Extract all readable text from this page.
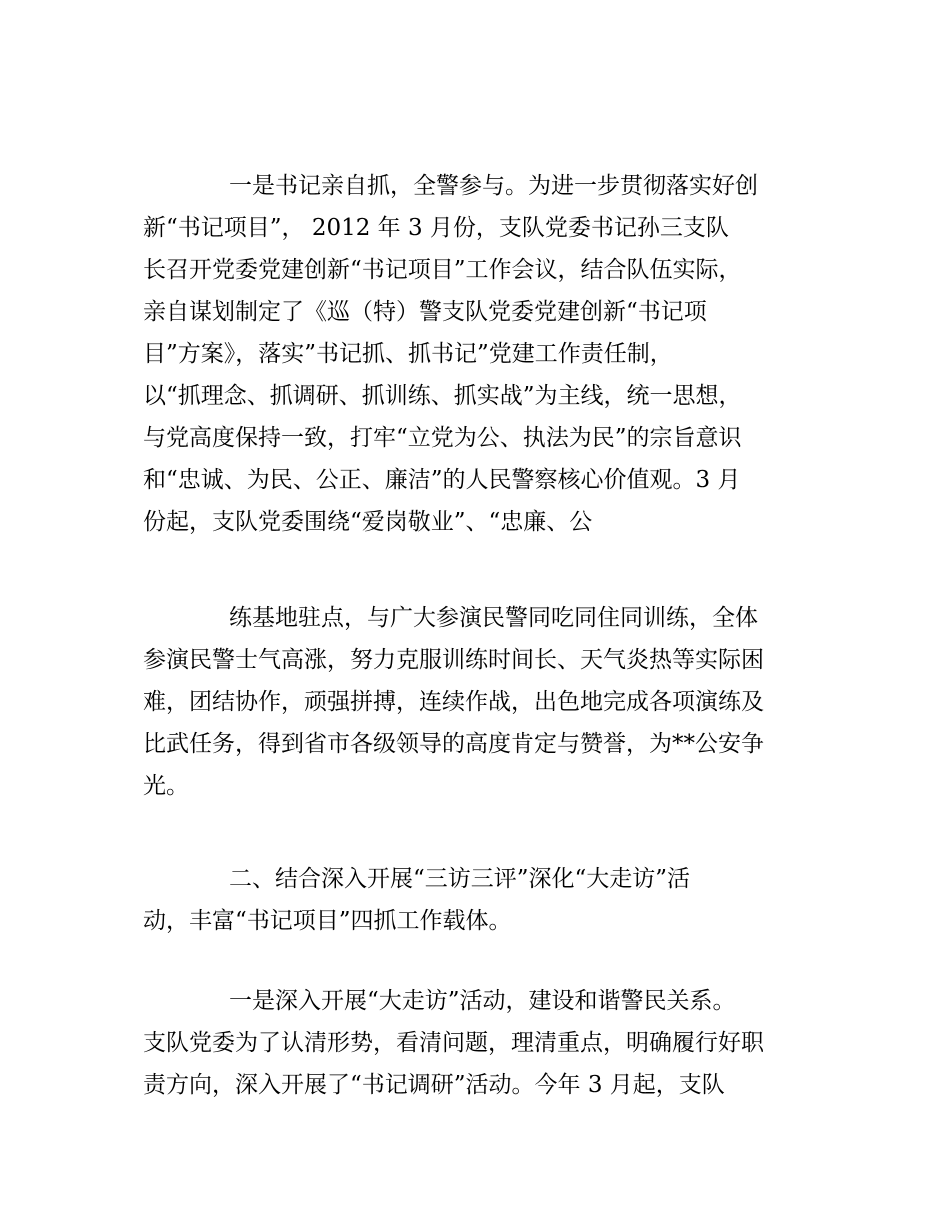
一是书记亲自抓，全警参与。为进一步贯彻落实好创
新“书记项目”， 2012 年 3 月份，支队党委书记孙三支队
长召开党委党建创新“书记项目”工作会议，结合队伍实际，
亲自谋划制定了《巡（特）警支队党委党建创新“书记项
目”方案》，落实”书记抓、抓书记”党建工作责任制，
以“抓理念、抓调研、抓训练、抓实战”为主线，统一思想，
与党高度保持一致，打牢“立党为公、执法为民”的宗旨意识
和“忠诚、为民、公正、廉洁”的人民警察核心价值观。3 月
份起，支队党委围绕“爱岗敬业”、“忠廉、公
练基地驻点，与广大参演民警同吃同住同训练，全体
参演民警士气高涨，努力克服训练时间长、天气炎热等实际困
难，团结协作，顽强拼搏，连续作战，出色地完成各项演练及
比武任务，得到省市各级领导的高度肯定与赞誉，为**公安争
光。
二、结合深入开展“三访三评”深化“大走访”活
动，丰富“书记项目”四抓工作载体。
一是深入开展“大走访”活动，建设和谐警民关系。
支队党委为了认清形势，看清问题，理清重点，明确履行好职
责方向，深入开展了“书记调研”活动。今年 3 月起，支队
